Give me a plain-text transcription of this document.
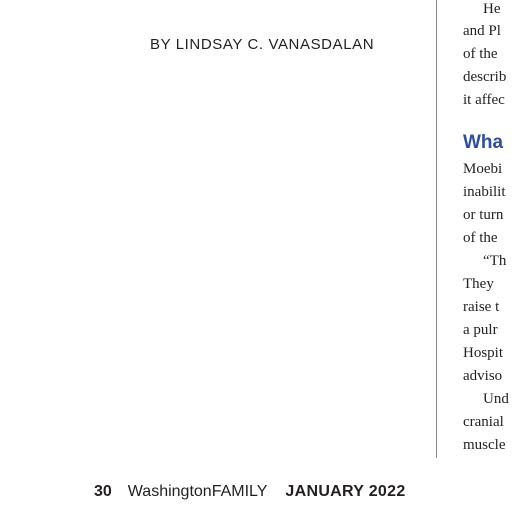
BY LINDSAY C. VANASDALAN
He
and Pl
of the
describ
it affec
Wha
Moebi
inabilit
or turn
of the
“Th
They
raise t
a pulr
Hospit
adviso
Und
cranial
muscle
30 WashingtonFAMILY JANUARY 2022
